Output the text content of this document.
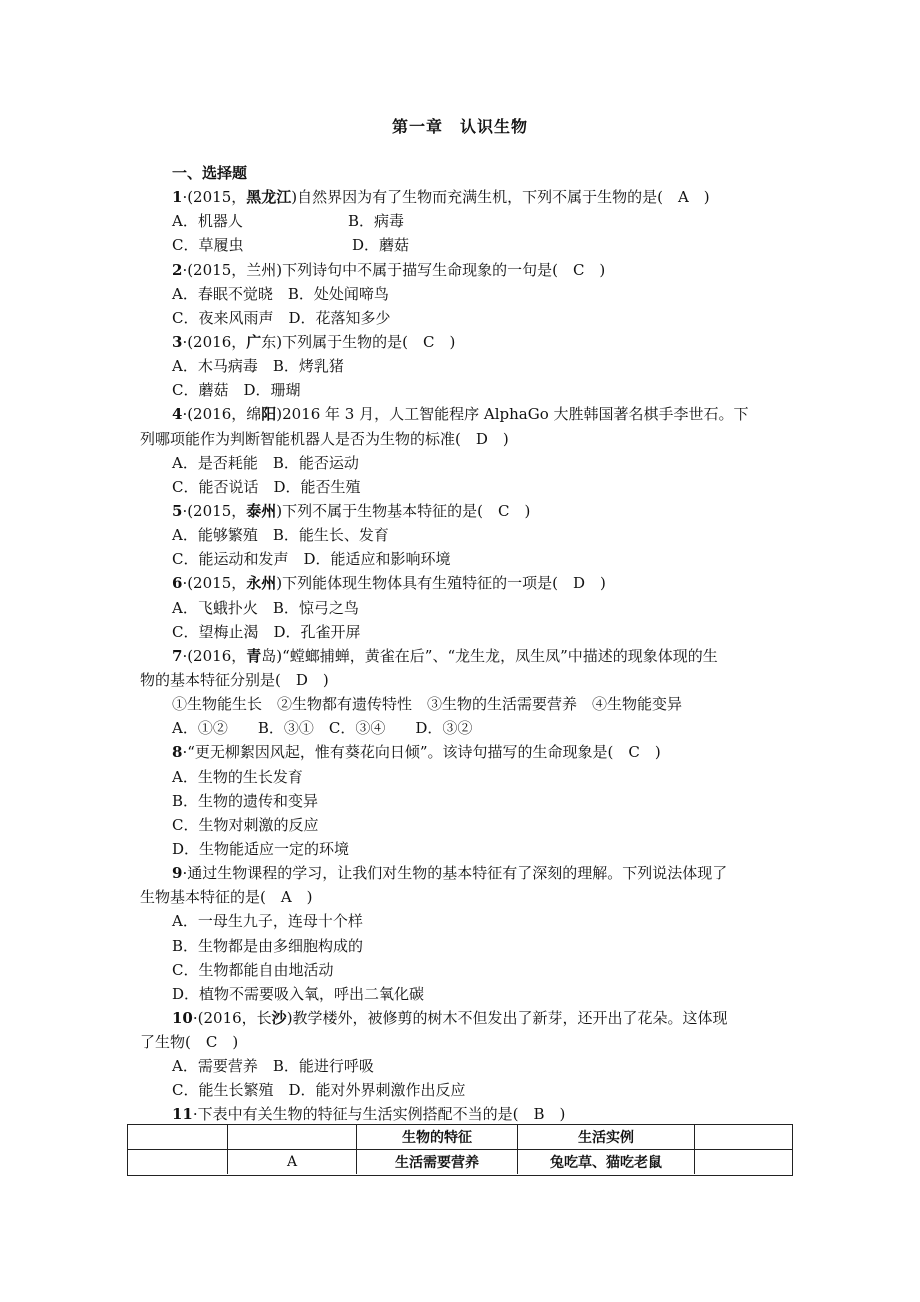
第一章　认识生物
一、选择题
1·(2015，黑龙江)自然界因为有了生物而充满生机，下列不属于生物的是(　A　)
A．机器人	B．病毒
C．草履虫	D．蘑菇
2·(2015，兰州)下列诗句中不属于描写生命现象的一句是(　C　)
A．春眠不觉晓　B．处处闻啼鸟
C．夜来风雨声　D．花落知多少
3·(2016，广东)下列属于生物的是(　C　)
A．木马病毒　B．烤乳猪
C．蘑菇　D．珊瑚
4·(2016，绵阳)2016 年 3 月，人工智能程序 AlphaGo 大胜韩国著名棋手李世石。下
列哪项能作为判断智能机器人是否为生物的标准(　D　)
A．是否耗能　B．能否运动
C．能否说话　D．能否生殖
5·(2015，泰州)下列不属于生物基本特征的是(　C　)
A．能够繁殖　B．能生长、发育
C．能运动和发声　D．能适应和影响环境
6·(2015，永州)下列能体现生物体具有生殖特征的一项是(　D　)
A．飞蛾扑火　B．惊弓之鸟
C．望梅止渴　D．孔雀开屏
7·(2016，青岛)“螳螂捕蝉，黄雀在后”、“龙生龙，凤生凤”中描述的现象体现的生
物的基本特征分别是(　D　)
①生物能生长　②生物都有遗传特性　③生物的生活需要营养　④生物能变异
A．①②　　B．③①　C．③④　　D．③②
8·“更无柳絮因风起，惟有葵花向日倾”。该诗句描写的生命现象是(　C　)
A．生物的生长发育
B．生物的遗传和变异
C．生物对刺激的反应
D．生物能适应一定的环境
9·通过生物课程的学习，让我们对生物的基本特征有了深刻的理解。下列说法体现了
生物基本特征的是(　A　)
A．一母生九子，连母十个样
B．生物都是由多细胞构成的
C．生物都能自由地活动
D．植物不需要吸入氧，呼出二氧化碳
10·(2016，长沙)教学楼外，被修剪的树木不但发出了新芽，还开出了花朵。这体现
了生物(　C　)
A．需要营养　B．能进行呼吸
C．能生长繁殖　D．能对外界刺激作出反应
11·下表中有关生物的特征与生活实例搭配不当的是(　B　)
		生物的特征	生活实例	
	A	生活需要营养	兔吃草、猫吃老鼠	
